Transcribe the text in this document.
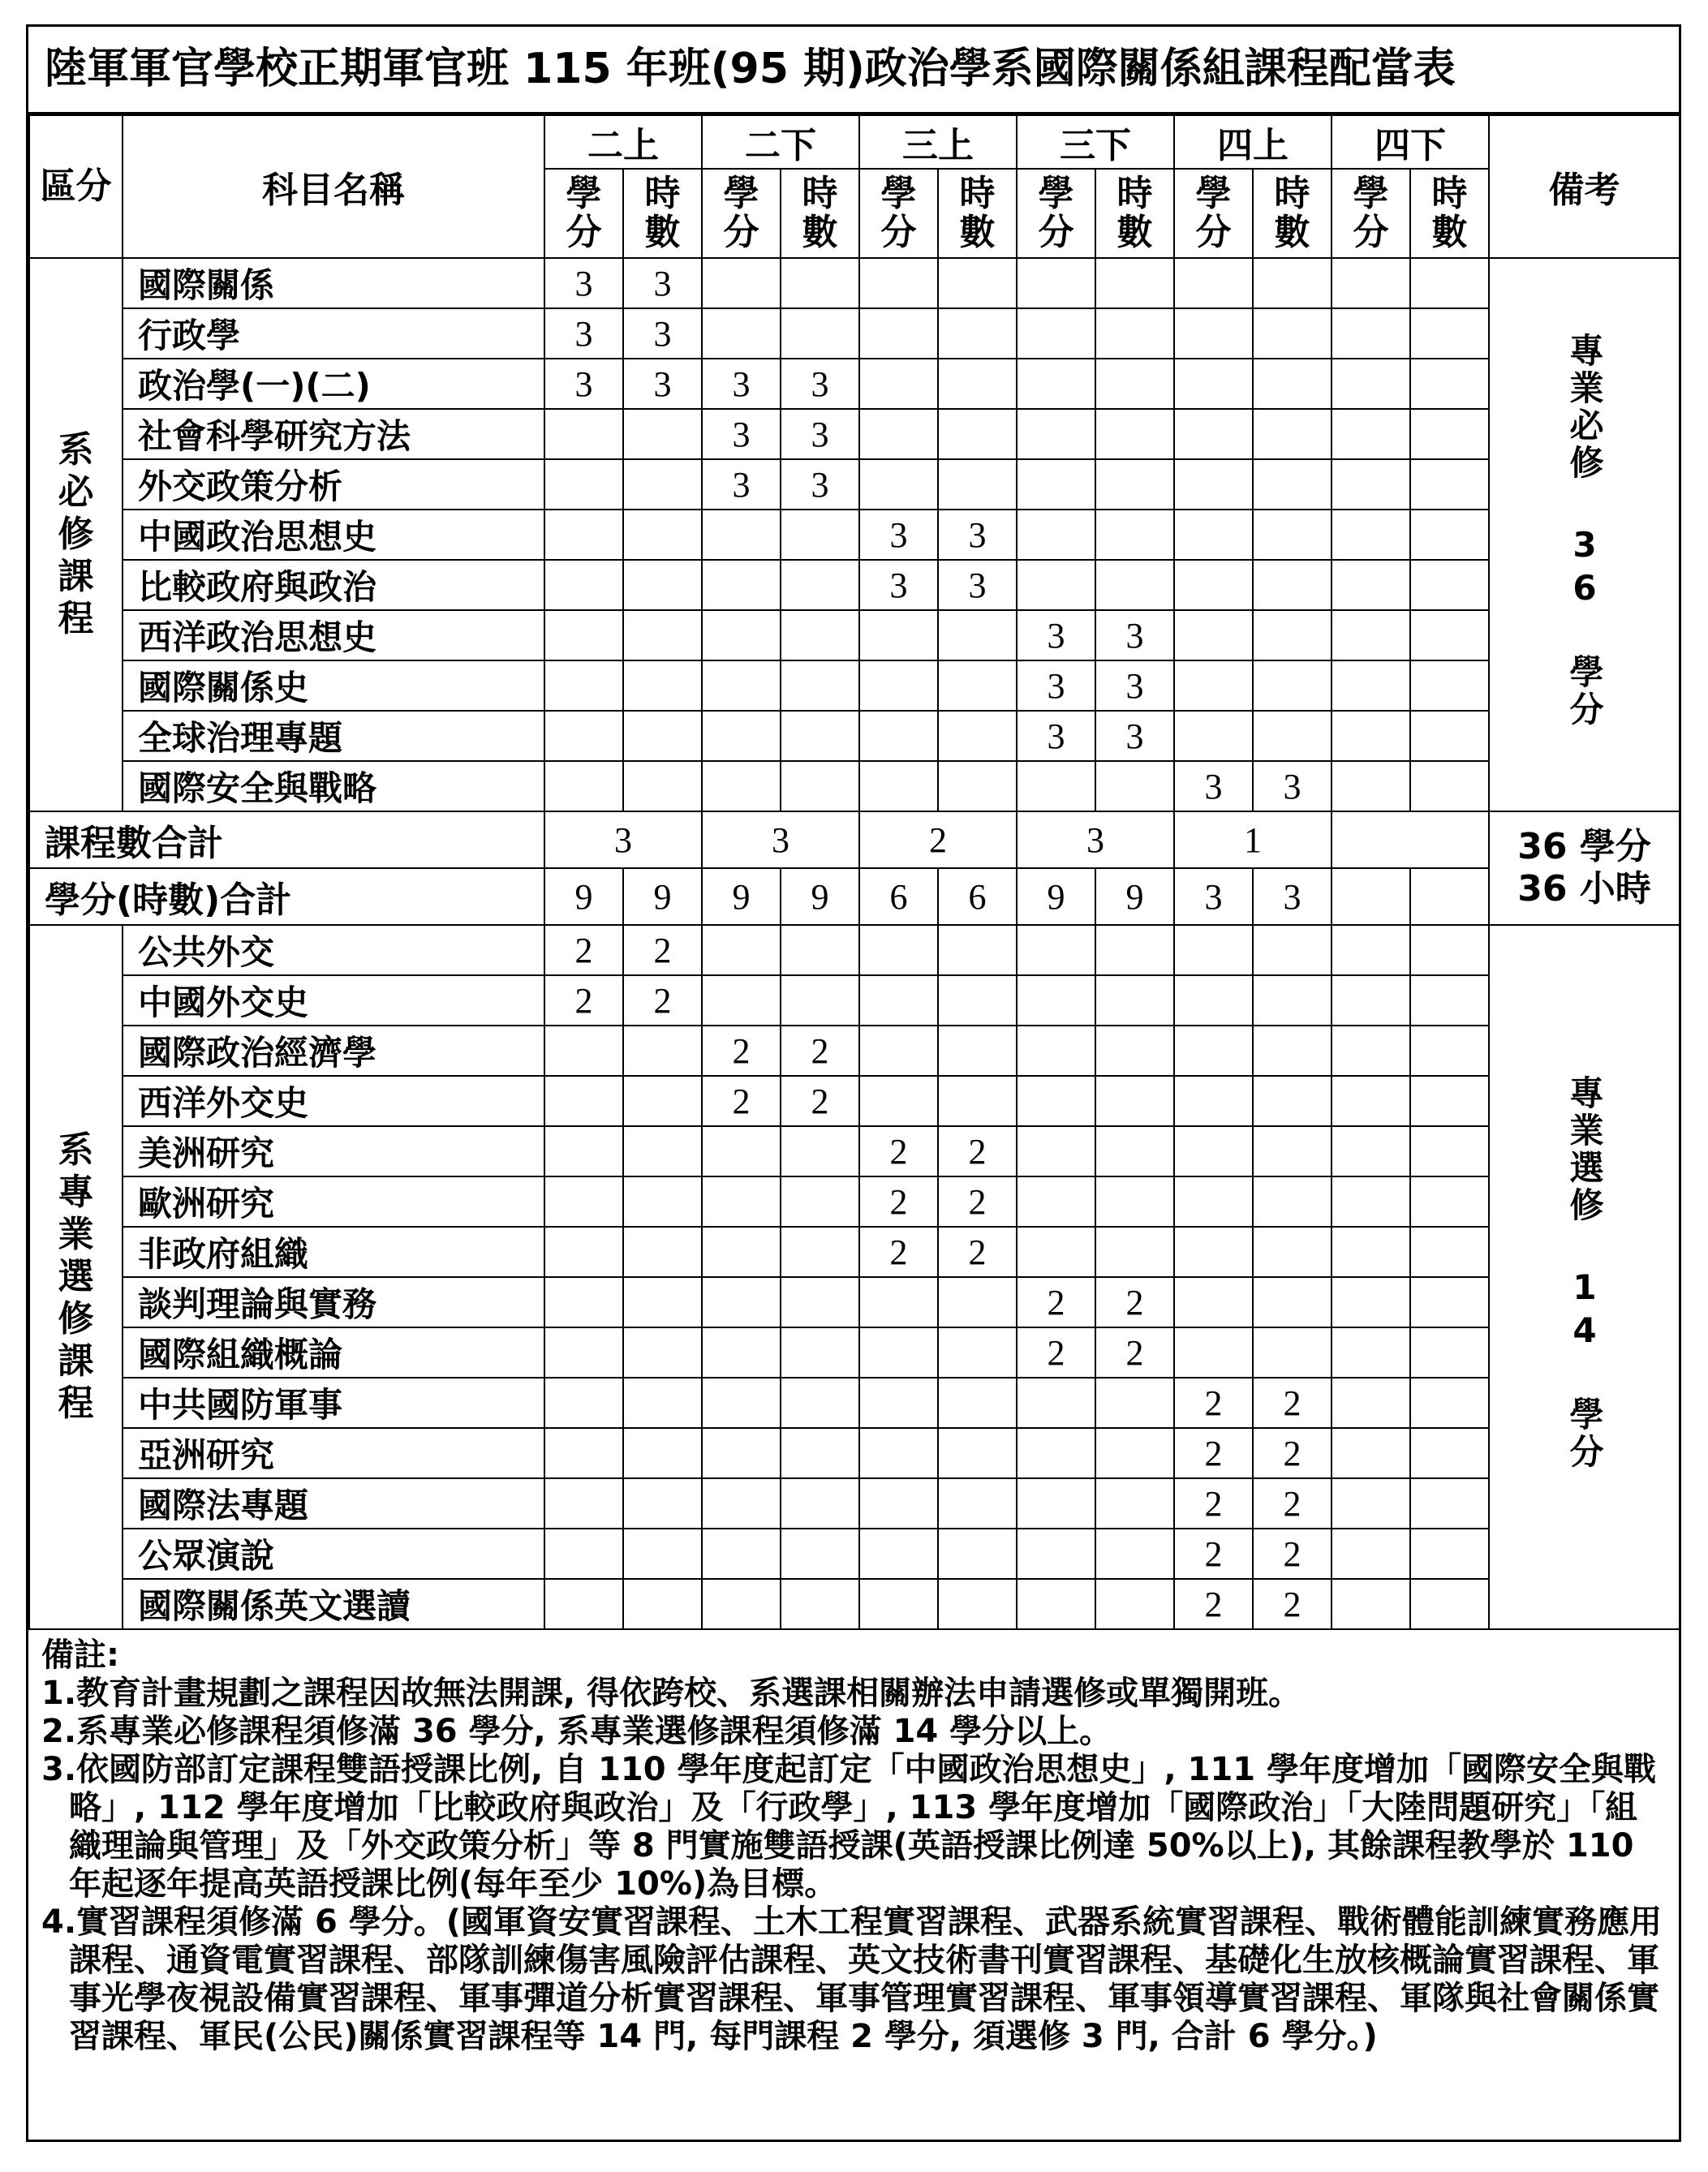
陸軍軍官學校正期軍官班 115 年班(95 期)政治學系國際關係組課程配當表
區分	科目名稱	二上		二下		三上		三下		四上		四下		備考
		學分	時數	學分	時數	學分	時數	學分	時數	學分	時數	學分	時數	
系必修課程	國際關係	3	3											專業必修 36 學分
	行政學	3	3											
	政治學(一)(二)	3	3	3	3									
	社會科學研究方法			3	3									
	外交政策分析			3	3									
	中國政治思想史					3	3							
	比較政府與政治					3	3							
	西洋政治思想史							3	3					
	國際關係史							3	3					
	全球治理專題							3	3					
	國際安全與戰略									3	3			
課程數合計		3		3		2		3		1				36 學分
36 小時

學分(時數)合計		9	9	9	9	6	6	9	9	3	3			
系專業選修課程	公共外交	2	2											專業選修 14 學分
	中國外交史	2	2											
	國際政治經濟學			2	2									
	西洋外交史			2	2									
	美洲研究					2	2							
	歐洲研究					2	2							
	非政府組織					2	2							
	談判理論與實務							2	2					
	國際組織概論							2	2					
	中共國防軍事									2	2			
	亞洲研究									2	2			
	國際法專題									2	2			
	公眾演說									2	2			
	國際關係英文選讀									2	2			

備註:

1.教育計畫規劃之課程因故無法開課, 得依跨校、系選課相關辦法申請選修或單獨開班。

2.系專業必修課程須修滿 36 學分, 系專業選修課程須修滿 14 學分以上。

3.依國防部訂定課程雙語授課比例, 自 110 學年度起訂定「中國政治思想史」, 111 學年度增加「國際安全與戰略」, 112 學年度增加「比較政府與政治」及「行政學」, 113 學年度增加「國際政治」「大陸問題研究」「組織理論與管理」及「外交政策分析」等 8 門實施雙語授課(英語授課比例達 50%以上), 其餘課程教學於 110 年起逐年提高英語授課比例(每年至少 10%)為目標。

4.實習課程須修滿 6 學分。(國軍資安實習課程、土木工程實習課程、武器系統實習課程、戰術體能訓練實務應用課程、通資電實習課程、部隊訓練傷害風險評估課程、英文技術書刊實習課程、基礎化生放核概論實習課程、軍事光學夜視設備實習課程、軍事彈道分析實習課程、軍事管理實習課程、軍事領導實習課程、軍隊與社會關係實習課程、軍民(公民)關係實習課程等 14 門, 每門課程 2 學分, 須選修 3 門, 合計 6 學分。)
